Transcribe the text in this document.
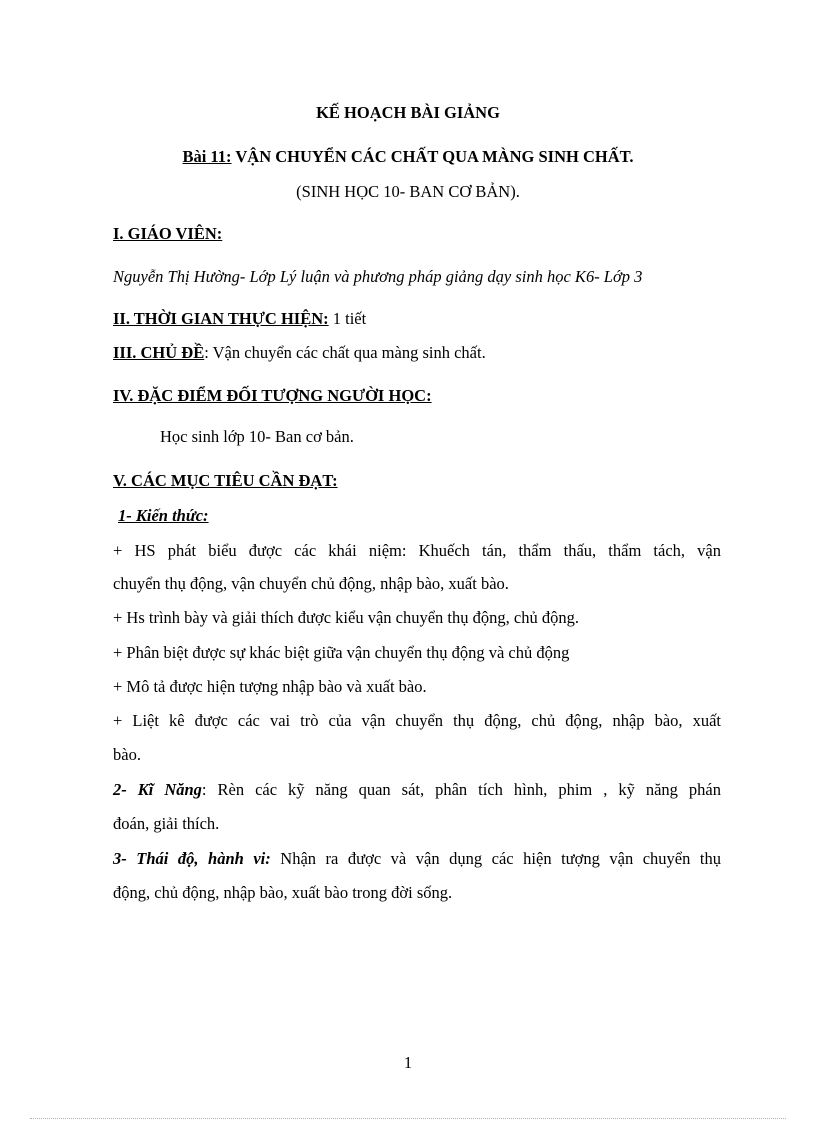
KẾ HOẠCH BÀI GIẢNG
Bài 11: VẬN CHUYỂN CÁC CHẤT QUA MÀNG SINH CHẤT.
(SINH HỌC 10- BAN CƠ BẢN).
I. GIÁO VIÊN:
Nguyễn Thị Hường- Lớp Lý luận và phương pháp giảng dạy sinh học K6- Lớp 3
II. THỜI GIAN THỰC HIỆN: 1 tiết
III. CHỦ ĐỀ: Vận chuyển các chất qua màng sinh chất.
IV. ĐẶC ĐIỂM ĐỐI TƯỢNG NGƯỜI HỌC:
Học sinh lớp 10- Ban cơ bản.
V. CÁC MỤC TIÊU CẦN ĐẠT:
1- Kiến thức:
+ HS phát biểu được các khái niệm: Khuếch tán, thẩm thấu, thẩm tách, vận
chuyển thụ động, vận chuyển chủ động, nhập bào, xuất bào.
+ Hs trình bày và giải thích được kiểu vận chuyển thụ động, chủ động.
+ Phân biệt được sự khác biệt giữa vận chuyển thụ động và chủ động
+ Mô tả được hiện tượng nhập bào và xuất bào.
+ Liệt kê được các vai trò của vận chuyển thụ động, chủ động, nhập bào, xuất
bào.
2- Kĩ Năng: Rèn các kỹ năng quan sát, phân tích hình, phim , kỹ năng phán
đoán, giải thích.
3- Thái độ, hành vi: Nhận ra được và vận dụng các hiện tượng vận chuyển thụ
động, chủ động, nhập bào, xuất bào trong đời sống.
1
